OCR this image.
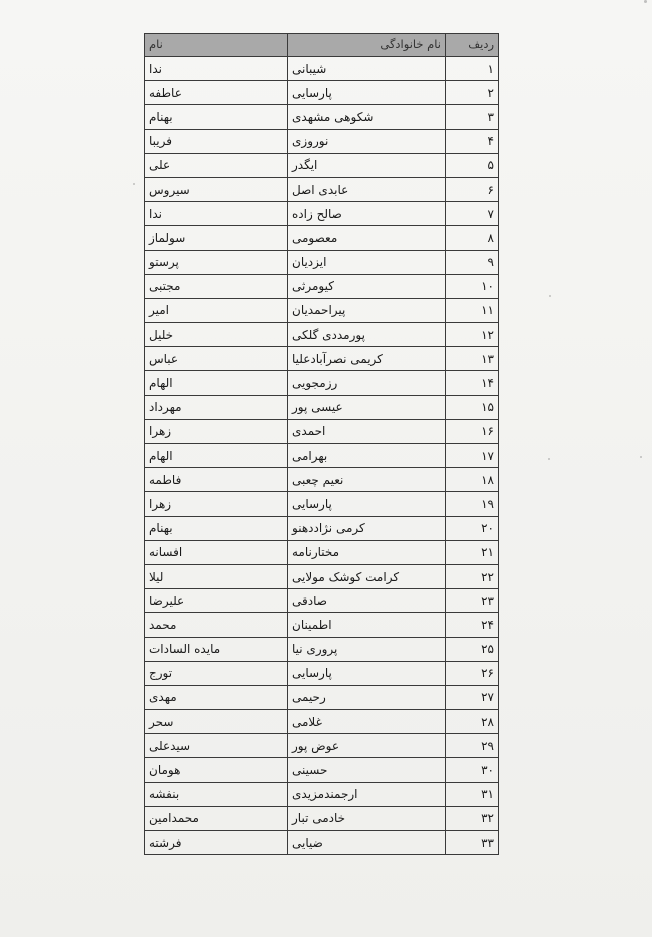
ردیف	نام خانوادگی	نام
۱	شیبانی	ندا
۲	پارسایی	عاطفه
۳	شکوهی مشهدی	بهنام
۴	نوروزی	فریبا
۵	ایگدر	علی
۶	عابدی اصل	سیروس
۷	صالح زاده	ندا
۸	معصومی	سولماز
۹	ایزدیان	پرستو
۱۰	کیومرثی	مجتبی
۱۱	پیراحمدیان	امیر
۱۲	پورمددی گلکی	خلیل
۱۳	کریمی نصرآبادعلیا	عباس
۱۴	رزمجویی	الهام
۱۵	عیسی پور	مهرداد
۱۶	احمدی	زهرا
۱۷	بهرامی	الهام
۱۸	نعیم چعبی	فاطمه
۱۹	پارسایی	زهرا
۲۰	کرمی نژاددهنو	بهنام
۲۱	مختارنامه	افسانه
۲۲	کرامت کوشک مولایی	لیلا
۲۳	صادقی	علیرضا
۲۴	اطمینان	محمد
۲۵	پروری نیا	مایده السادات
۲۶	پارسایی	تورج
۲۷	رحیمی	مهدی
۲۸	غلامی	سحر
۲۹	عوض پور	سیدعلی
۳۰	حسینی	هومان
۳۱	ارجمندمزیدی	بنفشه
۳۲	خادمی تبار	محمدامین
۳۳	ضیایی	فرشته
